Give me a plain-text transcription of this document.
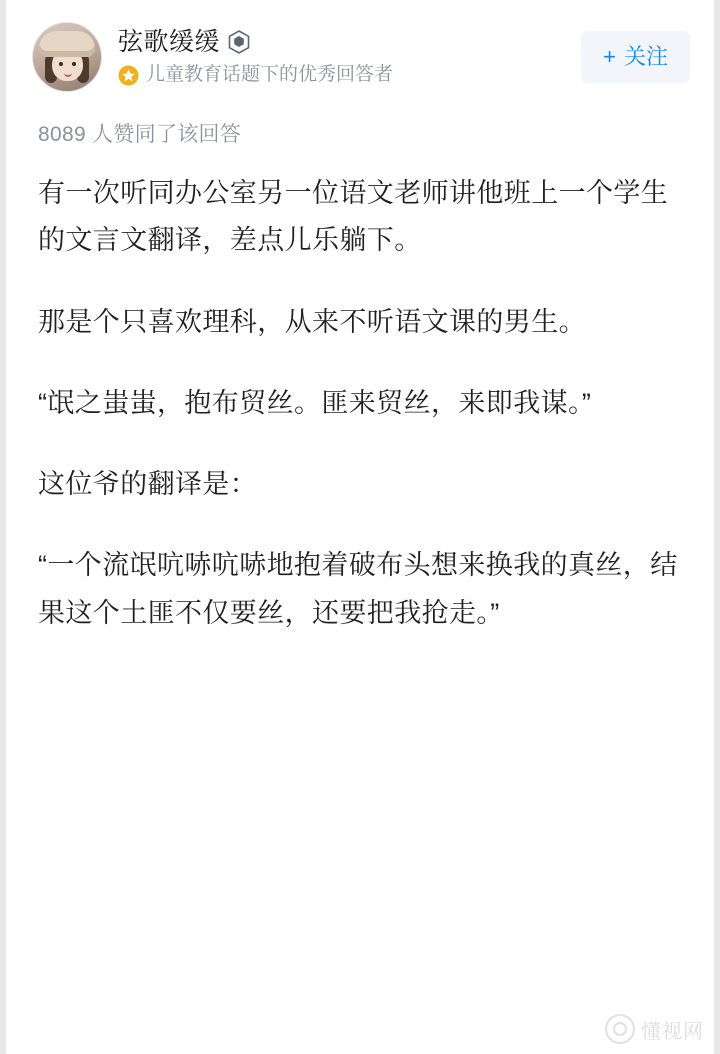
弦歌缓缓
儿童教育话题下的优秀回答者
+ 关注
8089 人赞同了该回答

有一次听同办公室另一位语文老师讲他班上一个学生的文言文翻译，差点儿乐躺下。

那是个只喜欢理科，从来不听语文课的男生。

“氓之蚩蚩，抱布贸丝。匪来贸丝，来即我谋。”

这位爷的翻译是：

“一个流氓吭哧吭哧地抱着破布头想来换我的真丝，结果这个土匪不仅要丝，还要把我抢走。”

懂视网
